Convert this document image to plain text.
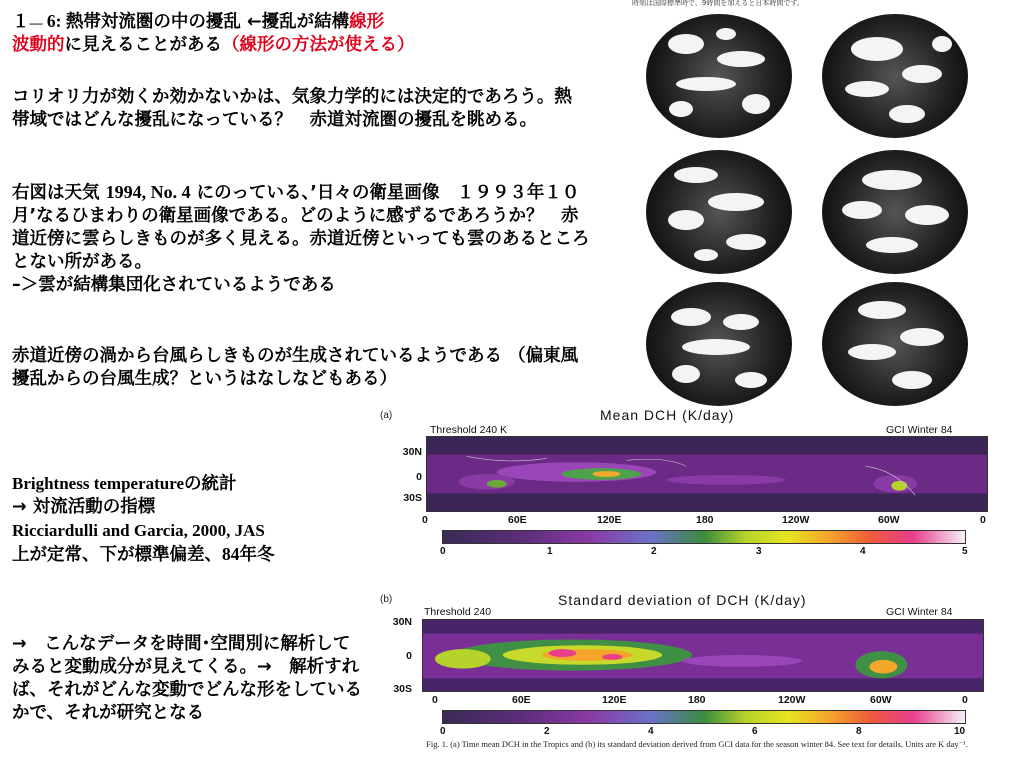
１— 6: 熱帯対流圏の中の擾乱 ←擾乱が結構線形
波動的に見えることがある（線形の方法が使える）
コリオリ力が効くか効かないかは、気象力学的には決定的であろう。熱帯域ではどんな擾乱になっている？　赤道対流圏の擾乱を眺める。
右図は天気 1994, No. 4 にのっている、’日々の衛星画像　１９９３年１０月’なるひまわりの衛星画像である。どのように感ずるであろうか？　赤道近傍に雲らしきものが多く見える。赤道近傍といっても雲のあるところとない所がある。
–＞雲が結構集団化されているようである
赤道近傍の渦から台風らしきものが生成されているようである （偏東風擾乱からの台風生成？というはなしなどもある）
Brightness temperatureの統計
→ 対流活動の指標
Ricciardulli and Garcia, 2000, JAS
上が定常、下が標準偏差、84年冬
→　こんなデータを時間･空間別に解析してみると変動成分が見えてくる。→　解析すれば、それがどんな変動でどんな形をしているかで、それが研究となる
時刻は国際標準時で、9時間を加えると日本時間です。
(a)	Mean DCH (K/day)
Threshold 240 K	GCI Winter 84
30N
0
30S
0	60E	120E	180	120W	60W	0
0	1	2	3	4	5
(b)	Standard deviation of DCH (K/day)
Threshold 240	GCI Winter 84
30N
0
30S
0	60E	120E	180	120W	60W	0
0	2	4	6	8	10
Fig. 1. (a) Time mean DCH in the Tropics and (b) its standard deviation derived from GCI data for the season winter 84. See text for details. Units are K day⁻¹.
